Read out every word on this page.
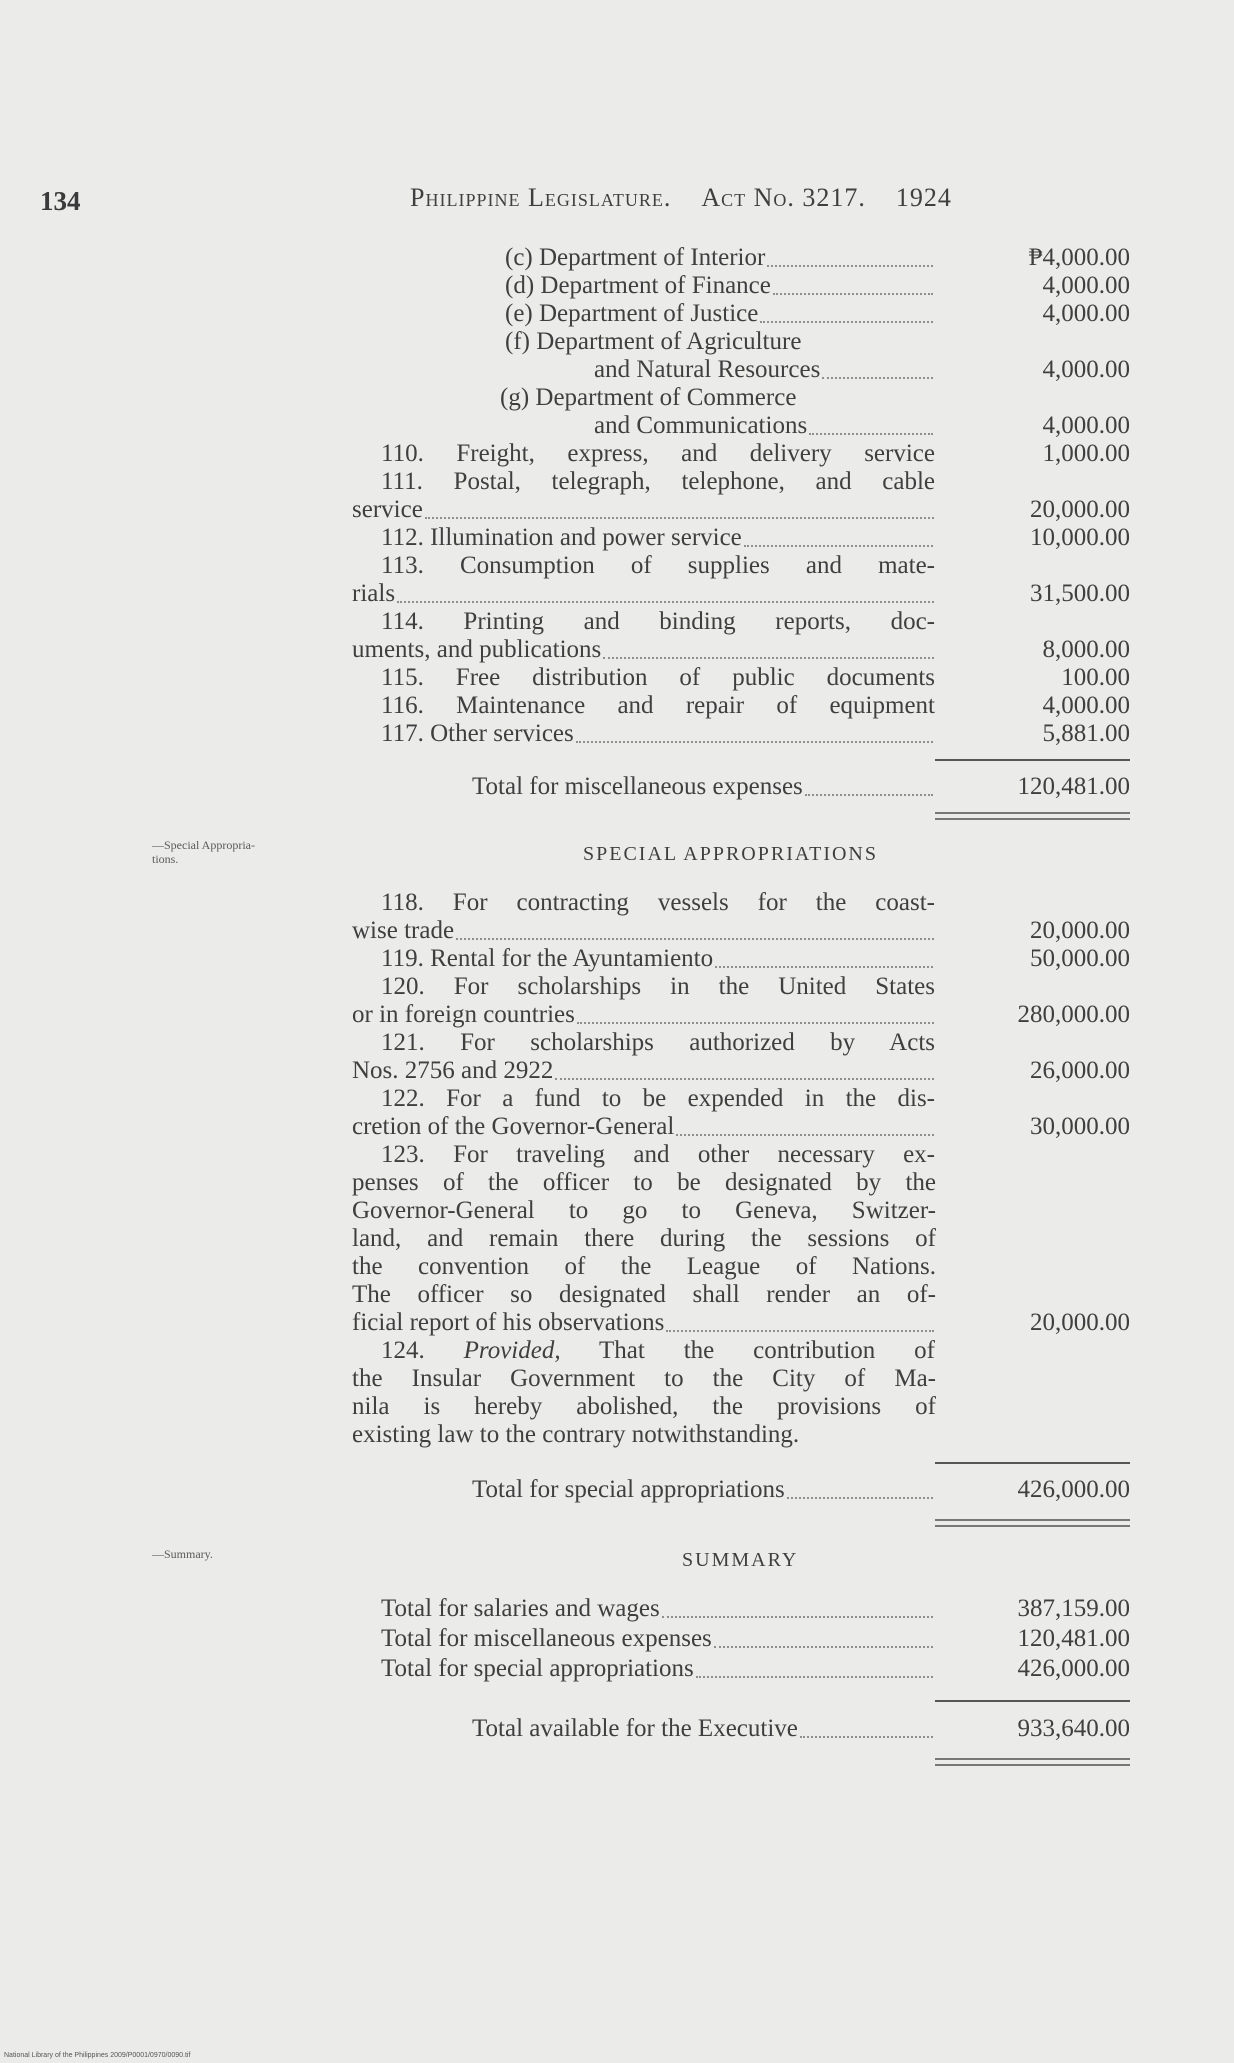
134	Philippine Legislature. Act No. 3217. 1924
(c) Department of Interior	₱4,000.00
(d) Department of Finance	4,000.00
(e) Department of Justice	4,000.00
(f) Department of Agriculture
and Natural Resources	4,000.00
(g) Department of Commerce
and Communications	4,000.00
110. Freight, express, and delivery service	1,000.00
111. Postal, telegraph, telephone, and cable
service	20,000.00
112. Illumination and power service	10,000.00
113. Consumption of supplies and mate-
rials	31,500.00
114. Printing and binding reports, doc-
uments, and publications	8,000.00
115. Free distribution of public documents	100.00
116. Maintenance and repair of equipment	4,000.00
117. Other services	5,881.00
Total for miscellaneous expenses	120,481.00
—Special Appropria-
tions.	SPECIAL APPROPRIATIONS
118. For contracting vessels for the coast-
wise trade	20,000.00
119. Rental for the Ayuntamiento	50,000.00
120. For scholarships in the United States
or in foreign countries	280,000.00
121. For scholarships authorized by Acts
Nos. 2756 and 2922	26,000.00
122. For a fund to be expended in the dis-
cretion of the Governor-General	30,000.00
123. For traveling and other necessary ex-
penses of the officer to be designated by the
Governor-General to go to Geneva, Switzer-
land, and remain there during the sessions of
the convention of the League of Nations.
The officer so designated shall render an of-
ficial report of his observations	20,000.00
124. Provided, That the contribution of
the Insular Government to the City of Ma-
nila is hereby abolished, the provisions of
existing law to the contrary notwithstanding.
Total for special appropriations	426,000.00
—Summary.	SUMMARY
Total for salaries and wages	387,159.00
Total for miscellaneous expenses	120,481.00
Total for special appropriations	426,000.00
Total available for the Executive	933,640.00
National Library of the Philippines 2009/P0001/0970/0090.tif
